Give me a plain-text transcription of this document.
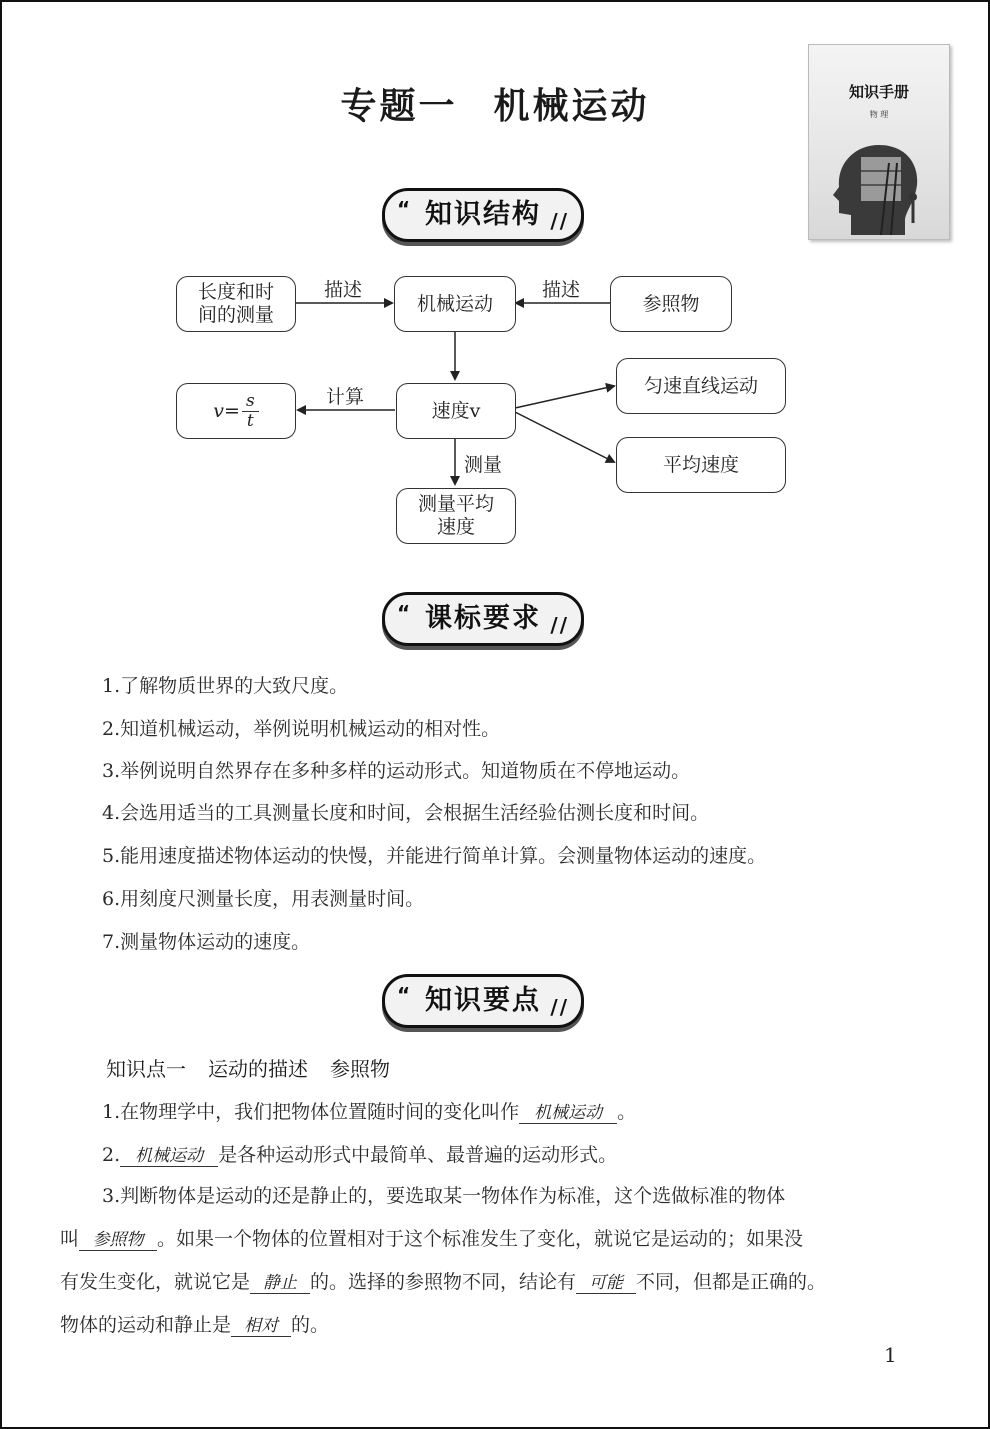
专题一 机械运动	知识手册
物 理
“ 知识结构 //
长度和时
间的测量
机械运动	参照物
$v= \frac{s}{t}$	速度v
匀速直线运动
平均速度
测量平均
速度
描述	描述
计算
测量
“ 课标要求 //
1.了解物质世界的大致尺度。
2.知道机械运动，举例说明机械运动的相对性。
3.举例说明自然界存在多种多样的运动形式。知道物质在不停地运动。
4.会选用适当的工具测量长度和时间，会根据生活经验估测长度和时间。
5.能用速度描述物体运动的快慢，并能进行简单计算。会测量物体运动的速度。
6.用刻度尺测量长度，用表测量时间。
7.测量物体运动的速度。
“ 知识要点 //
知识点一 运动的描述 参照物
1.在物理学中，我们把物体位置随时间的变化叫作 机械运动 。
2. 机械运动 是各种运动形式中最简单、最普遍的运动形式。
3.判断物体是运动的还是静止的，要选取某一物体作为标准，这个选做标准的物体
叫 参照物 。如果一个物体的位置相对于这个标准发生了变化，就说它是运动的；如果没
有发生变化，就说它是 静止 的。选择的参照物不同，结论有 可能 不同，但都是正确的。
物体的运动和静止是 相对 的。
1
